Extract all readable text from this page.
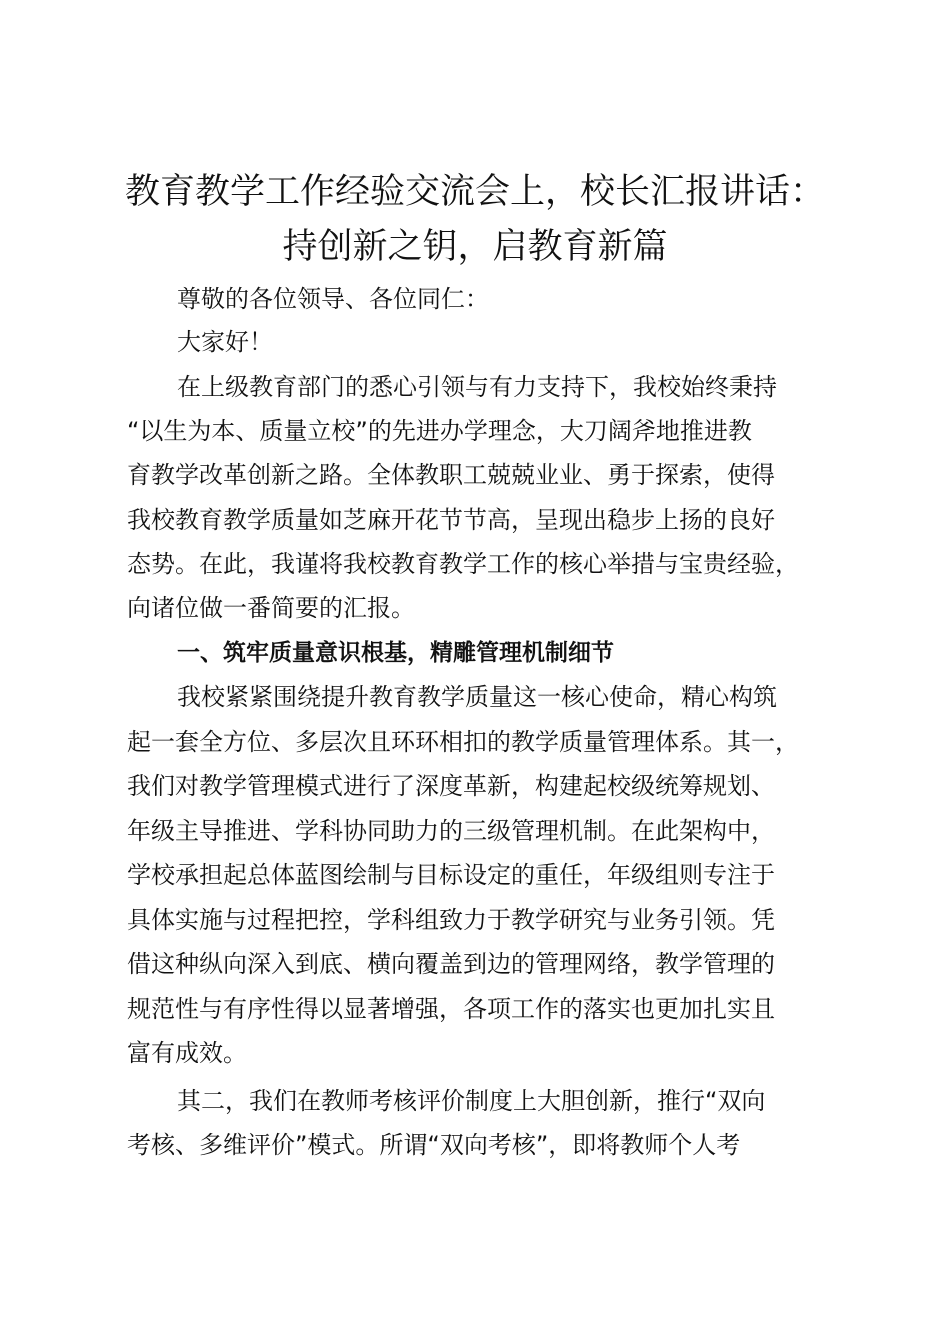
教育教学工作经验交流会上，校长汇报讲话：
持创新之钥，启教育新篇

尊敬的各位领导、各位同仁：

大家好！

在上级教育部门的悉心引领与有力支持下，我校始终秉持

“以生为本、质量立校”的先进办学理念，大刀阔斧地推进教

育教学改革创新之路。全体教职工兢兢业业、勇于探索，使得

我校教育教学质量如芝麻开花节节高，呈现出稳步上扬的良好

态势。在此，我谨将我校教育教学工作的核心举措与宝贵经验，

向诸位做一番简要的汇报。

一、筑牢质量意识根基，精雕管理机制细节

我校紧紧围绕提升教育教学质量这一核心使命，精心构筑

起一套全方位、多层次且环环相扣的教学质量管理体系。其一，

我们对教学管理模式进行了深度革新，构建起校级统筹规划、

年级主导推进、学科协同助力的三级管理机制。在此架构中，

学校承担起总体蓝图绘制与目标设定的重任，年级组则专注于

具体实施与过程把控，学科组致力于教学研究与业务引领。凭

借这种纵向深入到底、横向覆盖到边的管理网络，教学管理的

规范性与有序性得以显著增强，各项工作的落实也更加扎实且

富有成效。

其二，我们在教师考核评价制度上大胆创新，推行“双向

考核、多维评价”模式。所谓“双向考核”，即将教师个人考
